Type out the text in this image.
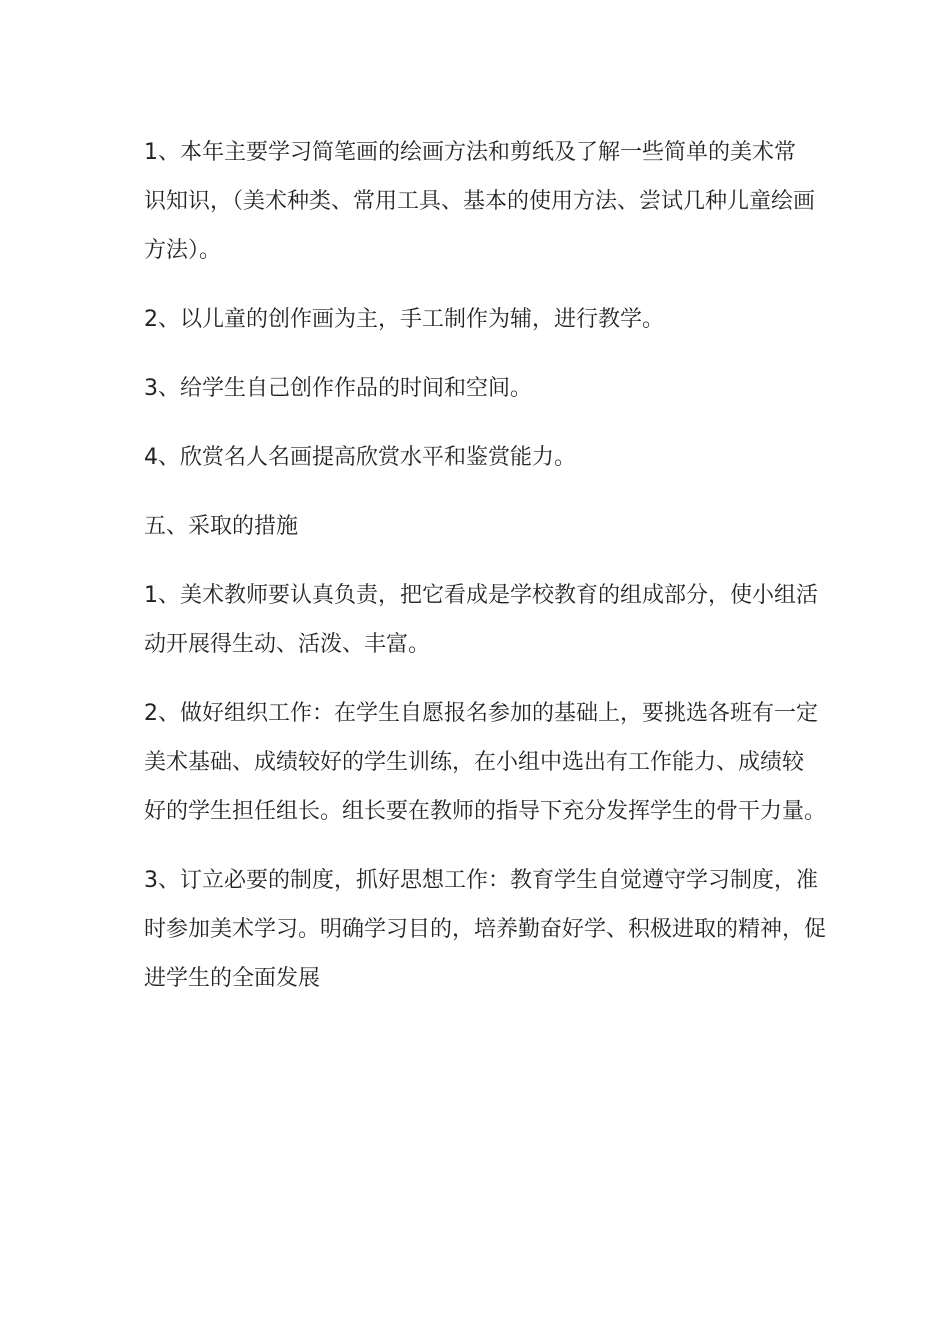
1、本年主要学习简笔画的绘画方法和剪纸及了解一些简单的美术常
识知识，（美术种类、常用工具、基本的使用方法、尝试几种儿童绘画
方法）。

2、以儿童的创作画为主，手工制作为辅，进行教学。

3、给学生自己创作作品的时间和空间。

4、欣赏名人名画提高欣赏水平和鉴赏能力。

五、采取的措施

1、美术教师要认真负责，把它看成是学校教育的组成部分，使小组活
动开展得生动、活泼、丰富。

2、做好组织工作：在学生自愿报名参加的基础上，要挑选各班有一定
美术基础、成绩较好的学生训练，在小组中选出有工作能力、成绩较
好的学生担任组长。组长要在教师的指导下充分发挥学生的骨干力量。

3、订立必要的制度，抓好思想工作：教育学生自觉遵守学习制度，准
时参加美术学习。明确学习目的，培养勤奋好学、积极进取的精神，促
进学生的全面发展
